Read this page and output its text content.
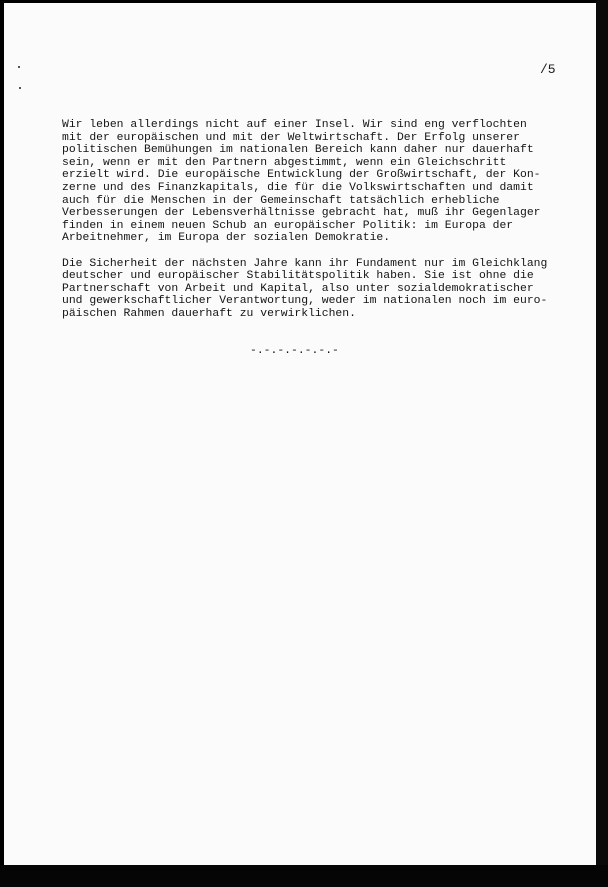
/5

Wir leben allerdings nicht auf einer Insel. Wir sind eng verflochten
mit der europäischen und mit der Weltwirtschaft. Der Erfolg unserer
politischen Bemühungen im nationalen Bereich kann daher nur dauerhaft
sein, wenn er mit den Partnern abgestimmt, wenn ein Gleichschritt
erzielt wird. Die europäische Entwicklung der Großwirtschaft, der Kon-
zerne und des Finanzkapitals, die für die Volkswirtschaften und damit
auch für die Menschen in der Gemeinschaft tatsächlich erhebliche
Verbesserungen der Lebensverhältnisse gebracht hat, muß ihr Gegenlager
finden in einem neuen Schub an europäischer Politik: im Europa der
Arbeitnehmer, im Europa der sozialen Demokratie.

Die Sicherheit der nächsten Jahre kann ihr Fundament nur im Gleichklang
deutscher und europäischer Stabilitätspolitik haben. Sie ist ohne die
Partnerschaft von Arbeit und Kapital, also unter sozialdemokratischer
und gewerkschaftlicher Verantwortung, weder im nationalen noch im euro-
päischen Rahmen dauerhaft zu verwirklichen.

-.-.-.-.-.-.-
